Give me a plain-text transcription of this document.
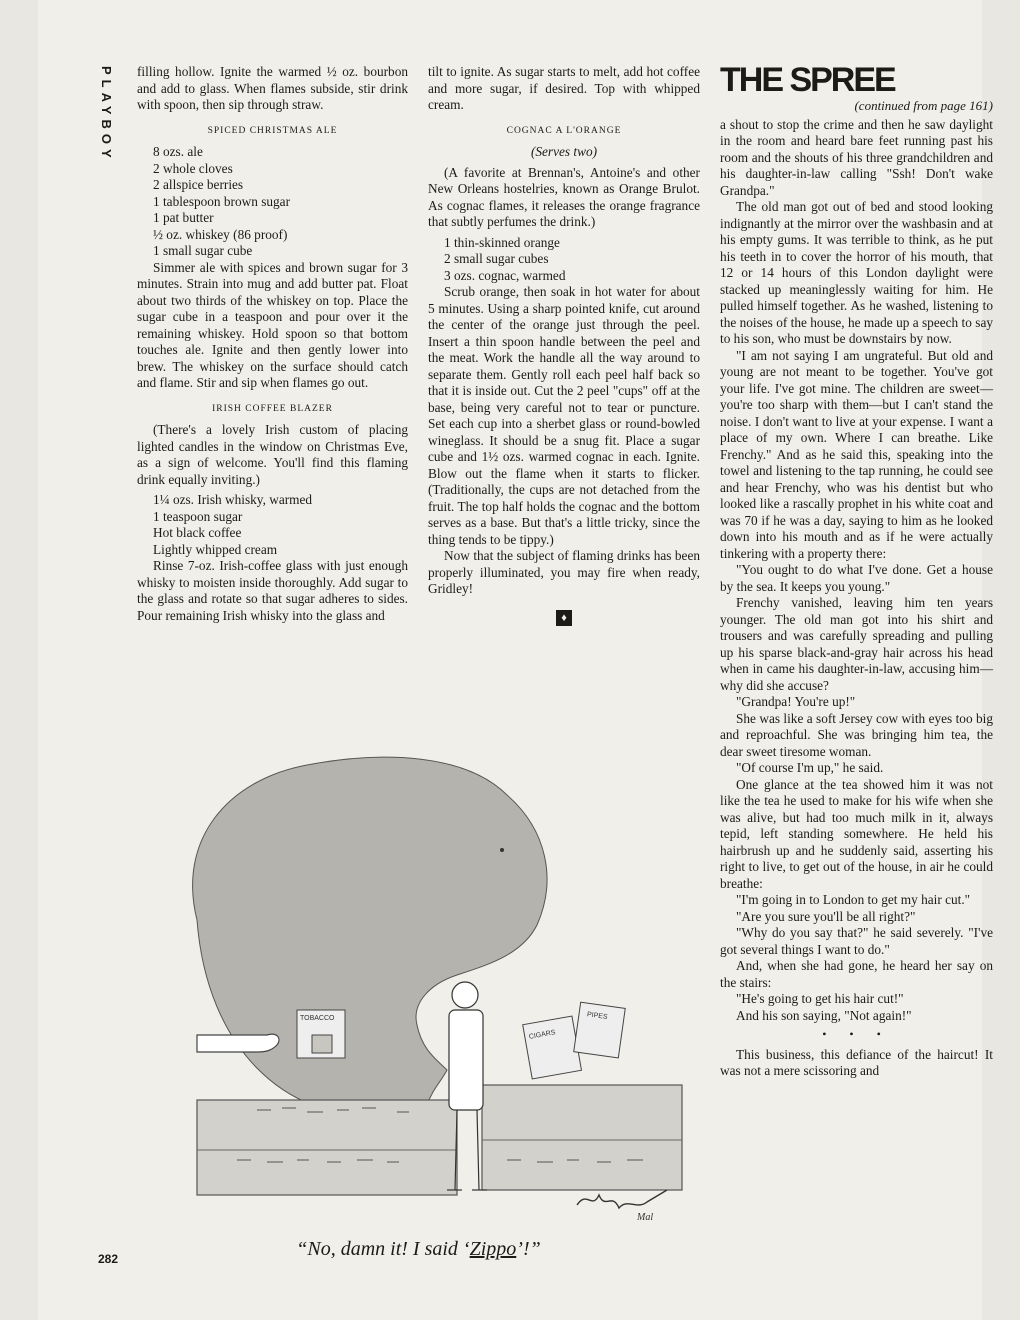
PLAYBOY filling hollow. Ignite the warmed ½ oz. bourbon and add to glass. When flames subside, stir drink with spoon, then sip through straw.

SPICED CHRISTMAS ALE
8 ozs. ale
2 whole cloves
2 allspice berries
1 tablespoon brown sugar
1 pat butter
½ oz. whiskey (86 proof)
1 small sugar cube

Simmer ale with spices and brown sugar for 3 minutes. Strain into mug and add butter pat. Float about two thirds of the whiskey on top. Place the sugar cube in a teaspoon and pour over it the remaining whiskey. Hold spoon so that bottom touches ale. Ignite and then gently lower into brew. The whiskey on the surface should catch and flame. Stir and sip when flames go out.

IRISH COFFEE BLAZER

(There's a lovely Irish custom of placing lighted candles in the window on Christmas Eve, as a sign of welcome. You'll find this flaming drink equally inviting.)

1¼ ozs. Irish whisky, warmed
1 teaspoon sugar
Hot black coffee
Lightly whipped cream

Rinse 7-oz. Irish-coffee glass with just enough whisky to moisten inside thoroughly. Add sugar to the glass and rotate so that sugar adheres to sides. Pour remaining Irish whisky into the glass and

tilt to ignite. As sugar starts to melt, add hot coffee and more sugar, if desired. Top with whipped cream.

COGNAC A L'ORANGE
(Serves two)

(A favorite at Brennan's, Antoine's and other New Orleans hostelries, known as Orange Brulot. As cognac flames, it releases the orange fragrance that subtly perfumes the drink.)

1 thin-skinned orange
2 small sugar cubes
3 ozs. cognac, warmed

Scrub orange, then soak in hot water for about 5 minutes. Using a sharp pointed knife, cut around the center of the orange just through the peel. Insert a thin spoon handle between the peel and the meat. Work the handle all the way around to separate them. Gently roll each peel half back so that it is inside out. Cut the 2 peel "cups" off at the base, being very careful not to tear or puncture. Set each cup into a sherbet glass or round-bowled wineglass. It should be a snug fit. Place a sugar cube and 1½ ozs. warmed cognac in each. Ignite. Blow out the flame when it starts to flicker. (Traditionally, the cups are not detached from the fruit. The top half holds the cognac and the bottom serves as a base. But that's a little tricky, since the thing tends to be tippy.)

Now that the subject of flaming drinks has been properly illuminated, you may fire when ready, Gridley!

♦
THE SPREE
(continued from page 161)

a shout to stop the crime and then he saw daylight in the room and heard bare feet running past his room and the shouts of his three grandchildren and his daughter-in-law calling "Ssh! Don't wake Grandpa."

The old man got out of bed and stood looking indignantly at the mirror over the washbasin and at his empty gums. It was terrible to think, as he put his teeth in to cover the horror of his mouth, that 12 or 14 hours of this London daylight were stacked up meaninglessly waiting for him. He pulled himself together. As he washed, listening to the noises of the house, he made up a speech to say to his son, who must be downstairs by now.

"I am not saying I am ungrateful. But old and young are not meant to be together. You've got your life. I've got mine. The children are sweet—you're too sharp with them—but I can't stand the noise. I don't want to live at your expense. I want a place of my own. Where I can breathe. Like Frenchy." And as he said this, speaking into the towel and listening to the tap running, he could see and hear Frenchy, who was his dentist but who looked like a rascally prophet in his white coat and was 70 if he was a day, saying to him as he looked down into his mouth and as if he were actually tinkering with a property there:

"You ought to do what I've done. Get a house by the sea. It keeps you young."

Frenchy vanished, leaving him ten years younger. The old man got into his shirt and trousers and was carefully spreading and pulling up his sparse black-and-gray hair across his head when in came his daughter-in-law, accusing him—why did she accuse?

"Grandpa! You're up!"

She was like a soft Jersey cow with eyes too big and reproachful. She was bringing him tea, the dear sweet tiresome woman.

"Of course I'm up," he said.

One glance at the tea showed him it was not like the tea he used to make for his wife when she was alive, but had too much milk in it, always tepid, left standing somewhere. He held his hairbrush up and he suddenly said, asserting his right to live, to get out of the house, in air he could breathe:

"I'm going in to London to get my hair cut."

"Are you sure you'll be all right?"

"Why do you say that?" he said severely. "I've got several things I want to do."

And, when she had gone, he heard her say on the stairs:

"He's going to get his hair cut!"

And his son saying, "Not again!"

• • •

This business, this defiance of the haircut! It was not a mere scissoring and

TOBACCO
CIGARS
PIPES
Mal
“No, damn it! I said ‘Zippo’!”
282
